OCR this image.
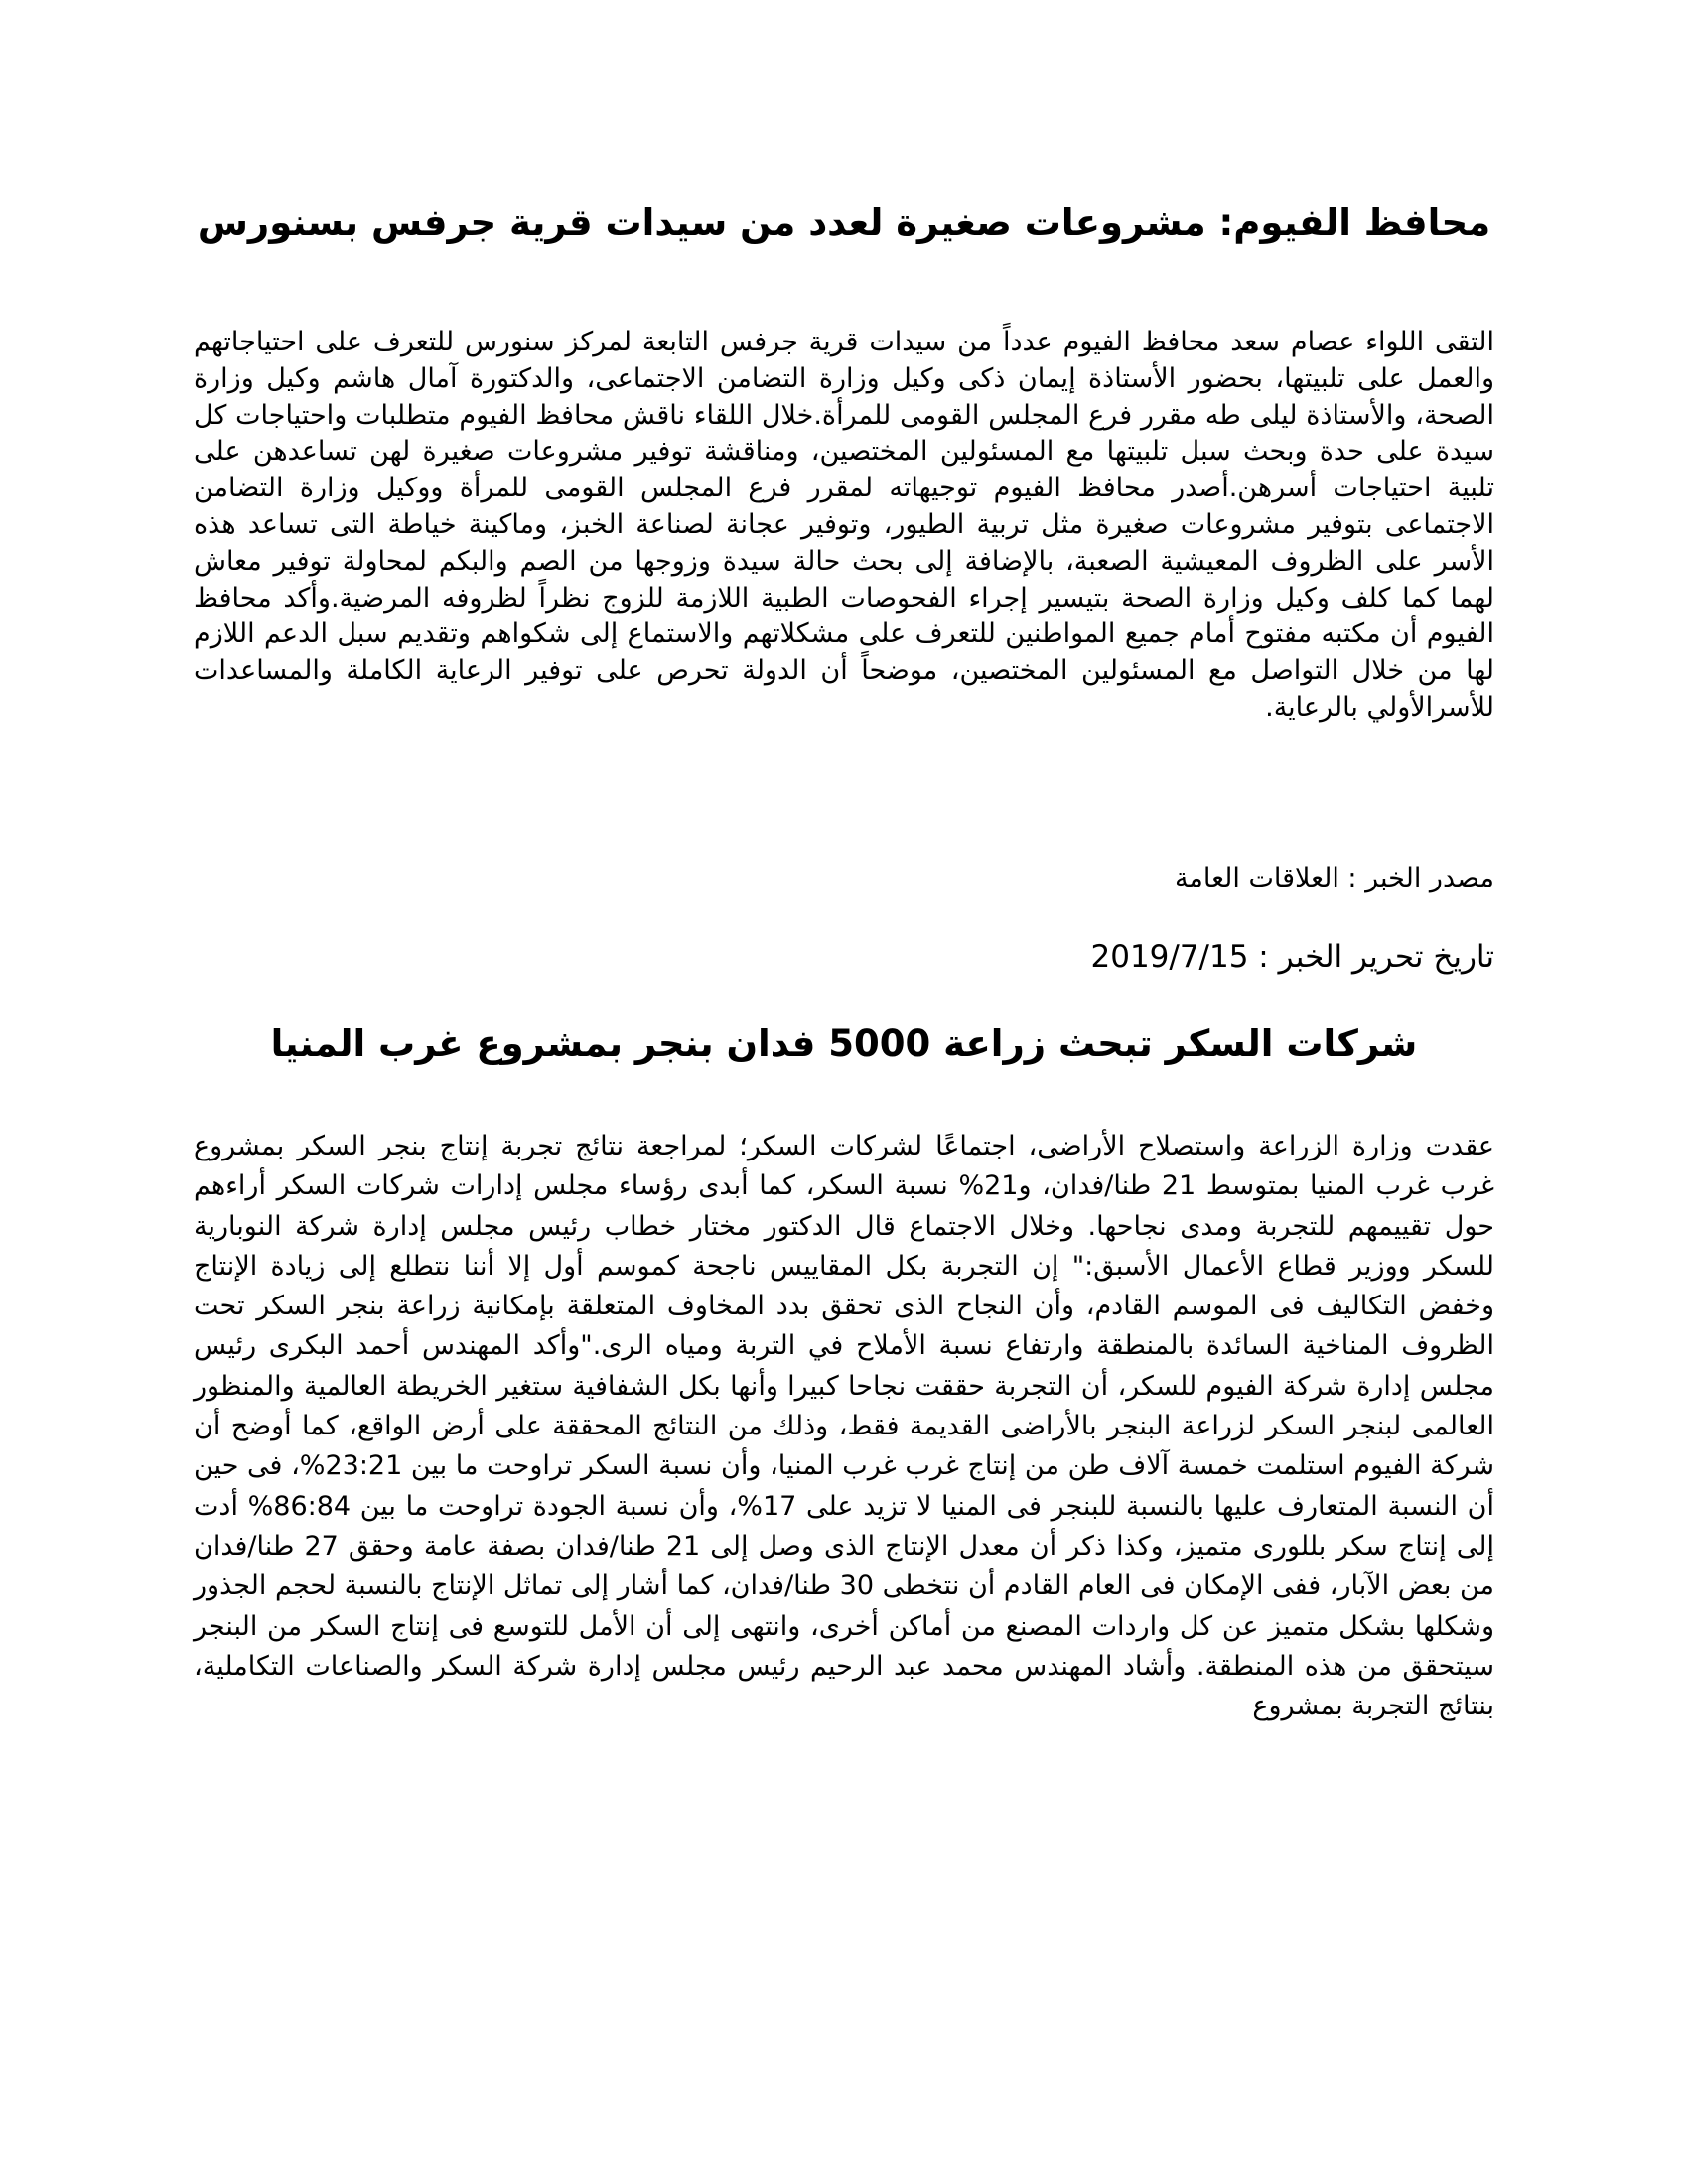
محافظ الفيوم: مشروعات صغيرة لعدد من سيدات قرية جرفس بسنورس

التقى اللواء عصام سعد محافظ الفيوم عدداً من سيدات قرية جرفس التابعة لمركز سنورس للتعرف على احتياجاتهم والعمل على تلبيتها، بحضور الأستاذة إيمان ذكى وكيل وزارة التضامن الاجتماعى، والدكتورة آمال هاشم وكيل وزارة الصحة، والأستاذة ليلى طه مقرر فرع المجلس القومى للمرأة.خلال اللقاء ناقش محافظ الفيوم متطلبات واحتياجات كل سيدة على حدة وبحث سبل تلبيتها مع المسئولين المختصين، ومناقشة توفير مشروعات صغيرة لهن تساعدهن على تلبية احتياجات أسرهن.أصدر محافظ الفيوم توجيهاته لمقرر فرع المجلس القومى للمرأة ووكيل وزارة التضامن الاجتماعى بتوفير مشروعات صغيرة مثل تربية الطيور، وتوفير عجانة لصناعة الخبز، وماكينة خياطة التى تساعد هذه الأسر على الظروف المعيشية الصعبة، بالإضافة إلى بحث حالة سيدة وزوجها من الصم والبكم لمحاولة توفير معاش لهما كما كلف وكيل وزارة الصحة بتيسير إجراء الفحوصات الطبية اللازمة للزوج نظراً لظروفه المرضية.وأكد محافظ الفيوم أن مكتبه مفتوح أمام جميع المواطنين للتعرف على مشكلاتهم والاستماع إلى شكواهم وتقديم سبل الدعم اللازم لها من خلال التواصل مع المسئولين المختصين، موضحاً أن الدولة تحرص على توفير الرعاية الكاملة والمساعدات للأسرالأولي بالرعاية.

مصدر الخبر : العلاقات العامة

تاريخ تحرير الخبر : 2019/7/15

شركات السكر تبحث زراعة 5000 فدان بنجر بمشروع غرب المنيا

عقدت وزارة الزراعة واستصلاح الأراضى، اجتماعًا لشركات السكر؛ لمراجعة نتائج تجربة إنتاج بنجر السكر بمشروع غرب غرب المنيا بمتوسط 21 طنا/فدان، و21% نسبة السكر، كما أبدى رؤساء مجلس إدارات شركات السكر أراءهم حول تقييمهم للتجربة ومدى نجاحها. وخلال الاجتماع قال الدكتور مختار خطاب رئيس مجلس إدارة شركة النوبارية للسكر ووزير قطاع الأعمال الأسبق:" إن التجربة بكل المقاييس ناجحة كموسم أول إلا أننا نتطلع إلى زيادة الإنتاج وخفض التكاليف فى الموسم القادم، وأن النجاح الذى تحقق بدد المخاوف المتعلقة بإمكانية زراعة بنجر السكر تحت الظروف المناخية السائدة بالمنطقة وارتفاع نسبة الأملاح في التربة ومياه الرى."وأكد المهندس أحمد البكرى رئيس مجلس إدارة شركة الفيوم للسكر، أن التجربة حققت نجاحا كبيرا وأنها بكل الشفافية ستغير الخريطة العالمية والمنظور العالمى لبنجر السكر لزراعة البنجر بالأراضى القديمة فقط، وذلك من النتائج المحققة على أرض الواقع، كما أوضح أن شركة الفيوم استلمت خمسة آلاف طن من إنتاج غرب غرب المنيا، وأن نسبة السكر تراوحت ما بين 23:21%، فى حين أن النسبة المتعارف عليها بالنسبة للبنجر فى المنيا لا تزيد على 17%، وأن نسبة الجودة تراوحت ما بين 86:84% أدت إلى إنتاج سكر بللورى متميز، وكذا ذكر أن معدل الإنتاج الذى وصل إلى 21 طنا/فدان بصفة عامة وحقق 27 طنا/فدان من بعض الآبار، ففى الإمكان فى العام القادم أن نتخطى 30 طنا/فدان، كما أشار إلى تماثل الإنتاج بالنسبة لحجم الجذور وشكلها بشكل متميز عن كل واردات المصنع من أماكن أخرى، وانتهى إلى أن الأمل للتوسع فى إنتاج السكر من البنجر سيتحقق من هذه المنطقة. وأشاد المهندس محمد عبد الرحيم رئيس مجلس إدارة شركة السكر والصناعات التكاملية، بنتائج التجربة بمشروع
